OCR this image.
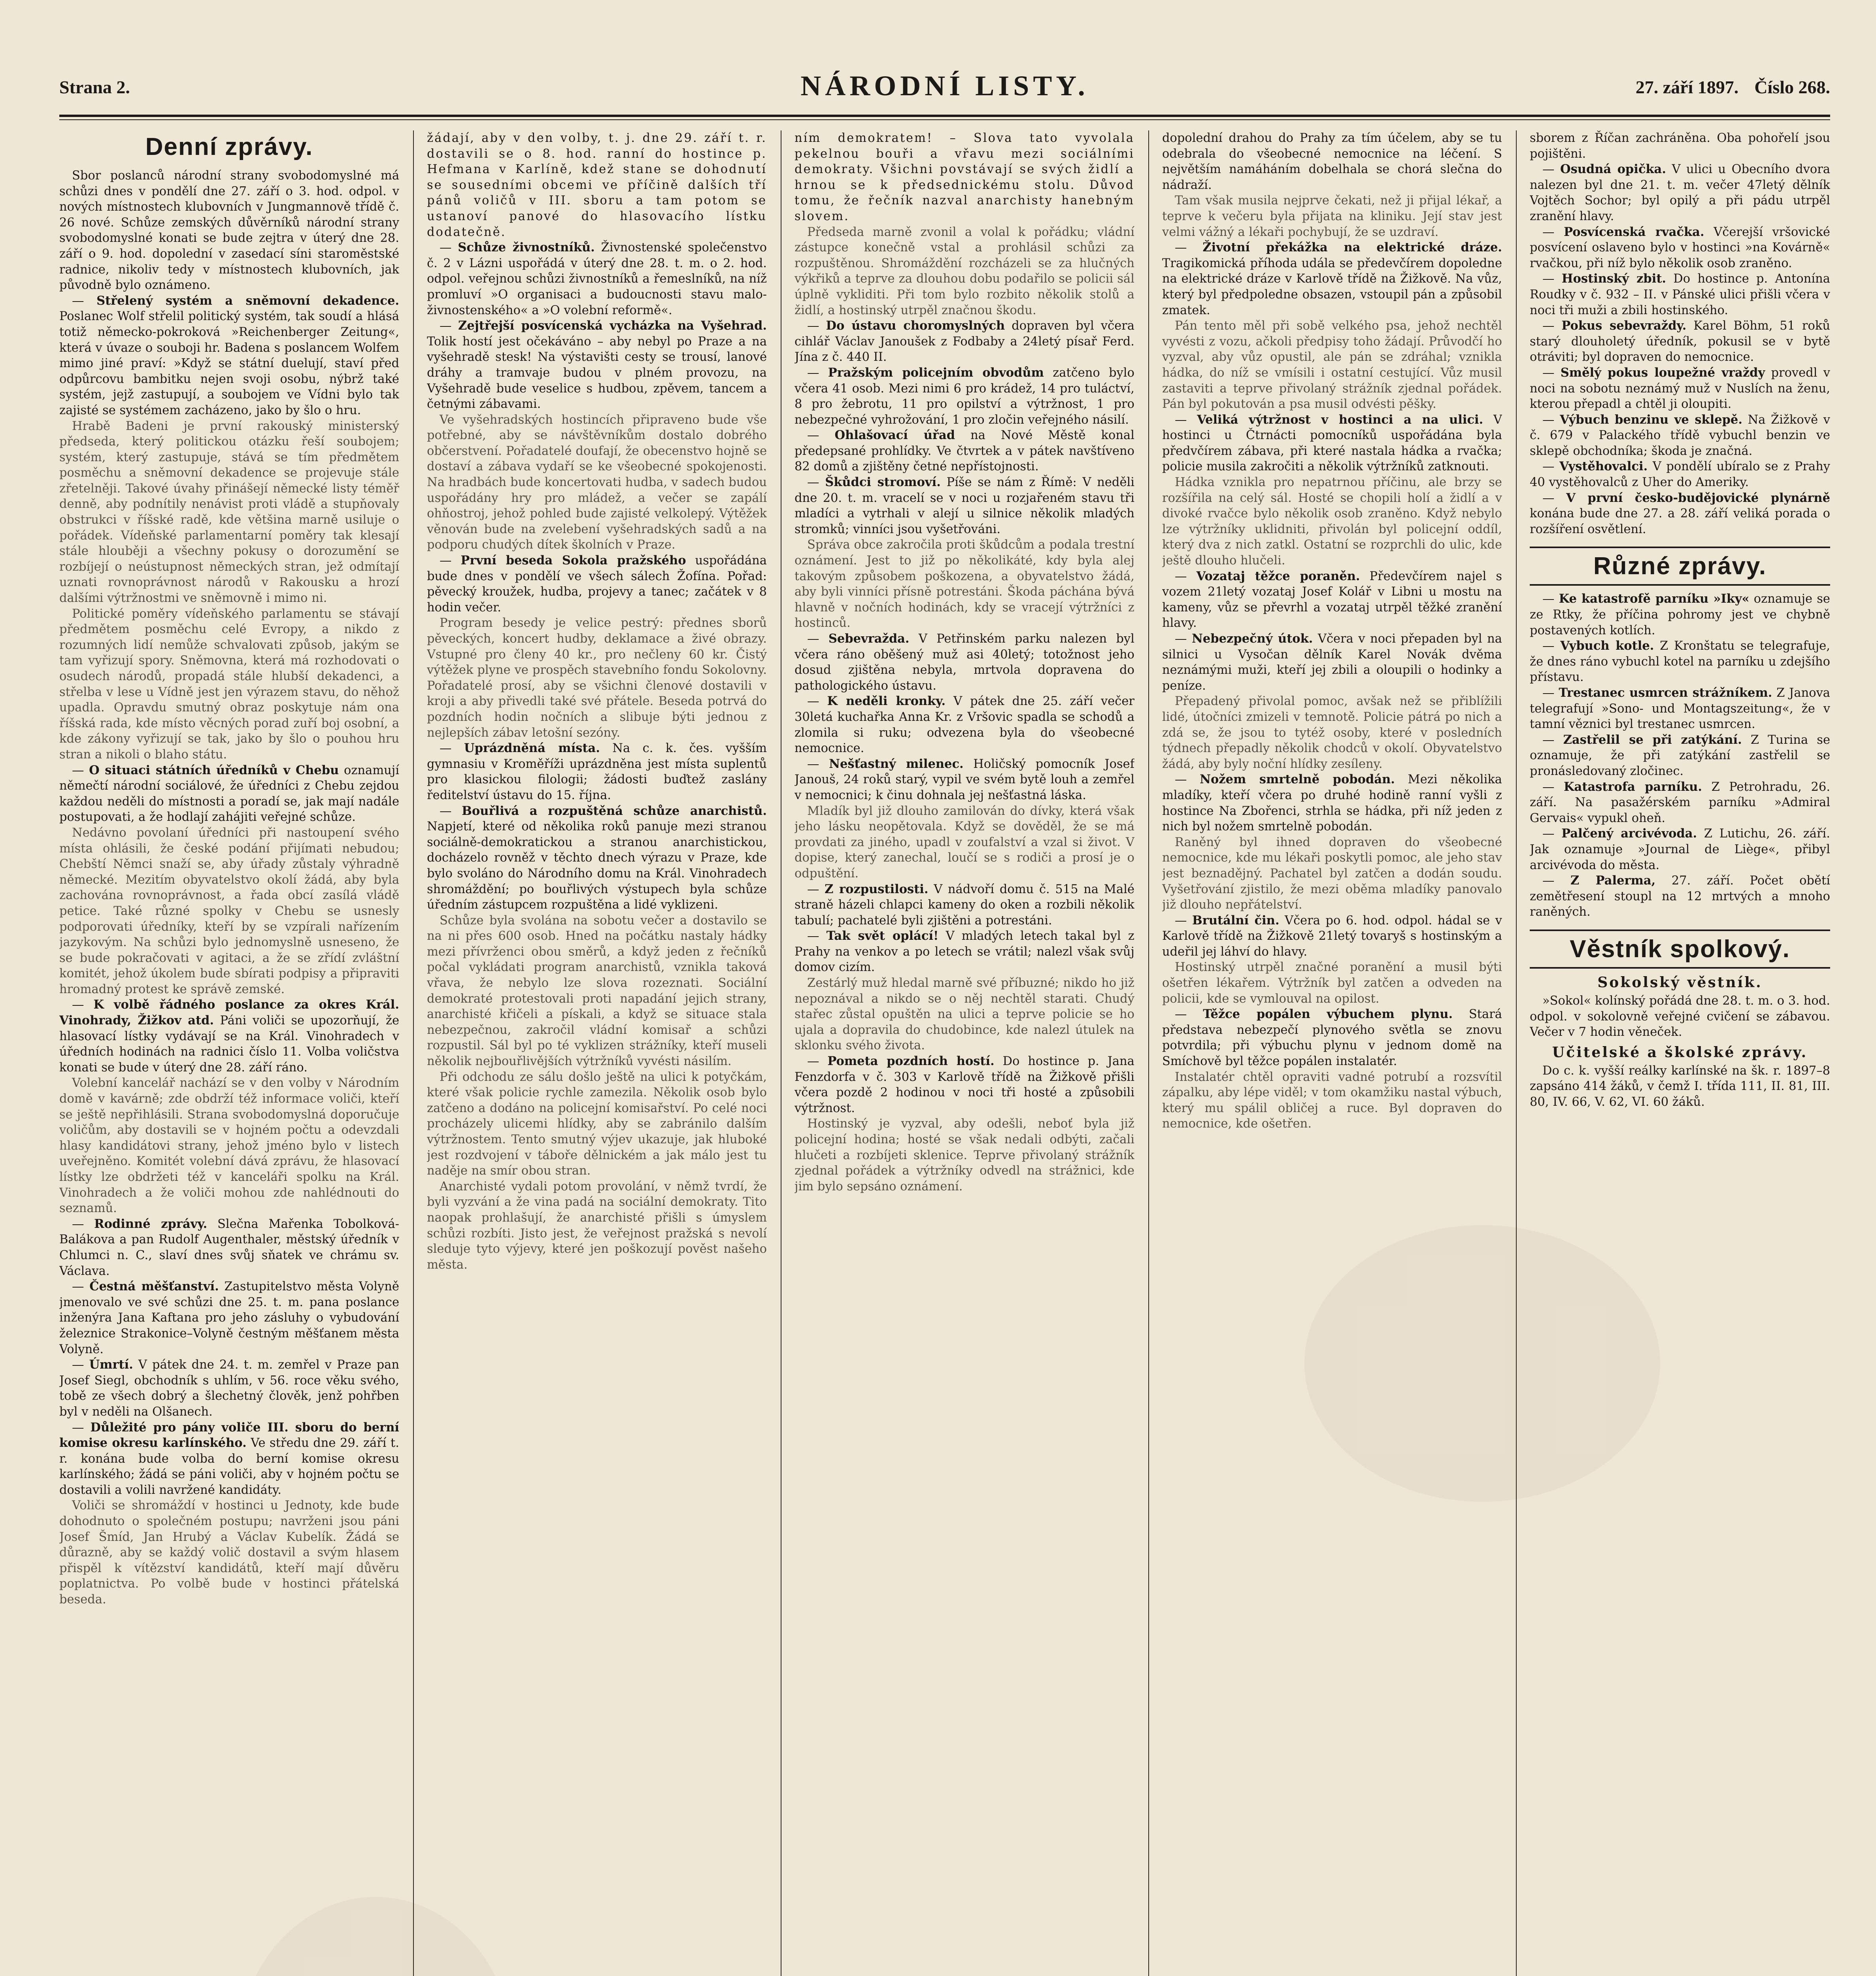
Strana 2.	NÁRODNÍ LISTY.	27. září 1897. Číslo 268.
Denní zprávy.

Sbor poslanců národní strany svobodomyslné má schůzi dnes v pondělí dne 27. září o 3. hod. odpol. v nových místnostech klubovních v Jungmannově třídě č. 26 nové. Schůze zemských důvěrníků národní strany svobodomyslné konati se bude zejtra v úterý dne 28. září o 9. hod. dopolední v zasedací síni staroměstské radnice, nikoliv tedy v místnostech klubovních, jak původně bylo oznámeno.

— Střelený systém a sněmovní dekadence. Poslanec Wolf střelil politický systém, tak soudí a hlásá totiž německo-pokroková »Reichenberger Zeitung«, která v úvaze o souboji hr. Badena s poslancem Wolfem mimo jiné praví: »Když se státní duelují, staví před odpůrcovu bambitku nejen svoji osobu, nýbrž také systém, jejž zastupují, a soubojem ve Vídni bylo tak zajisté se systémem zacházeno, jako by šlo o hru.

Hrabě Badeni je první rakouský ministerský předseda, který politickou otázku řeší soubojem; systém, který zastupuje, stává se tím předmětem posměchu a sněmovní dekadence se projevuje stále zřetelněji. Takové úvahy přinášejí německé listy téměř denně, aby podnítily nenávist proti vládě a stupňovaly obstrukci v říšské radě, kde většina marně usiluje o pořádek. Vídeňské parlamentarní poměry tak klesají stále hlouběji a všechny pokusy o dorozumění se rozbíjejí o neústupnost německých stran, jež odmítají uznati rovnoprávnost národů v Rakousku a hrozí dalšími výtržnostmi ve sněmovně i mimo ni.

Politické poměry vídeňského parlamentu se stávají předmětem posměchu celé Evropy, a nikdo z rozumných lidí nemůže schvalovati způsob, jakým se tam vyřizují spory. Sněmovna, která má rozhodovati o osudech národů, propadá stále hlubší dekadenci, a střelba v lese u Vídně jest jen výrazem stavu, do něhož upadla. Opravdu smutný obraz poskytuje nám ona říšská rada, kde místo věcných porad zuří boj osobní, a kde zákony vyřizují se tak, jako by šlo o pouhou hru stran a nikoli o blaho státu.

— O situaci státních úředníků v Chebu oznamují němečtí národní sociálové, že úředníci z Chebu zejdou každou neděli do místnosti a poradí se, jak mají nadále postupovati, a že hodlají zahájiti veřejné schůze.

Nedávno povolaní úředníci při nastoupení svého místa ohlásili, že české podání přijímati nebudou; Chebští Němci snaží se, aby úřady zůstaly výhradně německé. Mezitím obyvatelstvo okolí žádá, aby byla zachována rovnoprávnost, a řada obcí zasílá vládě petice. Také různé spolky v Chebu se usnesly podporovati úředníky, kteří by se vzpírali nařízením jazykovým. Na schůzi bylo jednomyslně usneseno, že se bude pokračovati v agitaci, a že se zřídí zvláštní komitét, jehož úkolem bude sbírati podpisy a připraviti hromadný protest ke správě zemské.

— K volbě řádného poslance za okres Král. Vinohrady, Žižkov atd. Páni voliči se upozorňují, že hlasovací lístky vydávají se na Král. Vinohradech v úředních hodinách na radnici číslo 11. Volba voličstva konati se bude v úterý dne 28. září ráno.

Volební kancelář nachází se v den volby v Národním domě v kavárně; zde obdrží též informace voliči, kteří se ještě nepřihlásili. Strana svobodomyslná doporučuje voličům, aby dostavili se v hojném počtu a odevzdali hlasy kandidátovi strany, jehož jméno bylo v listech uveřejněno. Komitét volební dává zprávu, že hlasovací lístky lze obdržeti též v kanceláři spolku na Král. Vinohradech a že voliči mohou zde nahlédnouti do seznamů.

— Rodinné zprávy. Slečna Mařenka Tobolková-Balákova a pan Rudolf Augenthaler, městský úředník v Chlumci n. C., slaví dnes svůj sňatek ve chrámu sv. Václava.

— Čestná měšťanství. Zastupitelstvo města Volyně jmenovalo ve své schůzi dne 25. t. m. pana poslance inženýra Jana Kaftana pro jeho zásluhy o vybudování železnice Strakonice–Volyně čestným měšťanem města Volyně.

— Úmrtí. V pátek dne 24. t. m. zemřel v Praze pan Josef Siegl, obchodník s uhlím, v 56. roce věku svého, tobě ze všech dobrý a šlechetný člověk, jenž pohřben byl v neděli na Olšanech.

— Důležité pro pány voliče III. sboru do berní komise okresu karlínského. Ve středu dne 29. září t. r. konána bude volba do berní komise okresu karlínského; žádá se páni voliči, aby v hojném počtu se dostavili a volili navržené kandidáty.

Voliči se shromáždí v hostinci u Jednoty, kde bude dohodnuto o společném postupu; navrženi jsou páni Josef Šmíd, Jan Hrubý a Václav Kubelík. Žádá se důrazně, aby se každý volič dostavil a svým hlasem přispěl k vítězství kandidátů, kteří mají důvěru poplatnictva. Po volbě bude v hostinci přátelská beseda.

žádají, aby v den volby, t. j. dne 29. září t. r. dostavili se o 8. hod. ranní do hostince p. Hefmana v Karlíně, kdež stane se dohodnutí se sousedními obcemi ve příčině dalších tří pánů voličů v III. sboru a tam potom se ustanoví panové do hlasovacího lístku dodatečně.

— Schůze živnostníků. Živnostenské společenstvo č. 2 v Lázni uspořádá v úterý dne 28. t. m. o 2. hod. odpol. veřejnou schůzi živnostníků a řemeslníků, na níž promluví »O organisaci a budoucnosti stavu malo-živnostenského« a »O volební reformě«.

— Zejtřejší posvícenská vycházka na Vyšehrad. Tolik hostí jest očekáváno – aby nebyl po Praze a na vyšehradě stesk! Na výstavišti cesty se trousí, lanové dráhy a tramvaje budou v plném provozu, na Vyšehradě bude veselice s hudbou, zpěvem, tancem a četnými zábavami.

Ve vyšehradských hostincích připraveno bude vše potřebné, aby se návštěvníkům dostalo dobrého občerstvení. Pořadatelé doufají, že obecenstvo hojně se dostaví a zábava vydaří se ke všeobecné spokojenosti. Na hradbách bude koncertovati hudba, v sadech budou uspořádány hry pro mládež, a večer se zapálí ohňostroj, jehož pohled bude zajisté velkolepý. Výtěžek věnován bude na zvelebení vyšehradských sadů a na podporu chudých dítek školních v Praze.

— První beseda Sokola pražského uspořádána bude dnes v pondělí ve všech sálech Žofína. Pořad: pěvecký kroužek, hudba, projevy a tanec; začátek v 8 hodin večer.

Program besedy je velice pestrý: přednes sborů pěveckých, koncert hudby, deklamace a živé obrazy. Vstupné pro členy 40 kr., pro nečleny 60 kr. Čistý výtěžek plyne ve prospěch stavebního fondu Sokolovny. Pořadatelé prosí, aby se všichni členové dostavili v kroji a aby přivedli také své přátele. Beseda potrvá do pozdních hodin nočních a slibuje býti jednou z nejlepších zábav letošní sezóny.

— Uprázdněná místa. Na c. k. čes. vyšším gymnasiu v Kroměříži uprázdněna jest místa suplentů pro klasickou filologii; žádosti buďtež zaslány ředitelství ústavu do 15. října.

— Bouřlivá a rozpuštěná schůze anarchistů. Napjetí, které od několika roků panuje mezi stranou sociálně-demokratickou a stranou anarchistickou, docházelo rovněž v těchto dnech výrazu v Praze, kde bylo svoláno do Národního domu na Král. Vinohradech shromáždění; po bouřlivých výstupech byla schůze úředním zástupcem rozpuštěna a lidé vyklizeni.

Schůze byla svolána na sobotu večer a dostavilo se na ni přes 600 osob. Hned na počátku nastaly hádky mezi přívrženci obou směrů, a když jeden z řečníků počal vykládati program anarchistů, vznikla taková vřava, že nebylo lze slova rozeznati. Sociální demokraté protestovali proti napadání jejich strany, anarchisté křičeli a pískali, a když se situace stala nebezpečnou, zakročil vládní komisař a schůzi rozpustil. Sál byl po té vyklizen strážníky, kteří museli několik nejbouřlivějších výtržníků vyvésti násilím.

Při odchodu ze sálu došlo ještě na ulici k potyčkám, které však policie rychle zamezila. Několik osob bylo zatčeno a dodáno na policejní komisařství. Po celé noci procházely ulicemi hlídky, aby se zabránilo dalším výtržnostem. Tento smutný výjev ukazuje, jak hluboké jest rozdvojení v táboře dělnickém a jak málo jest tu naděje na smír obou stran.

Anarchisté vydali potom provolání, v němž tvrdí, že byli vyzvání a že vina padá na sociální demokraty. Tito naopak prohlašují, že anarchisté přišli s úmyslem schůzi rozbíti. Jisto jest, že veřejnost pražská s nevolí sleduje tyto výjevy, které jen poškozují pověst našeho města.

ním demokratem! – Slova tato vyvolala pekelnou bouři a vřavu mezi sociálními demokraty. Všichni povstávají se svých židlí a hrnou se k předsednickému stolu. Důvod tomu, že řečník nazval anarchisty hanebným slovem.

Předseda marně zvonil a volal k pořádku; vládní zástupce konečně vstal a prohlásil schůzi za rozpuštěnou. Shromáždění rozcházeli se za hlučných výkřiků a teprve za dlouhou dobu podařilo se policii sál úplně vykliditi. Při tom bylo rozbito několik stolů a židlí, a hostinský utrpěl značnou škodu.

— Do ústavu choromyslných dopraven byl včera cihlář Václav Janoušek z Fodbaby a 24letý písař Ferd. Jína z č. 440 II.

— Pražským policejním obvodům zatčeno bylo včera 41 osob. Mezi nimi 6 pro krádež, 14 pro tuláctví, 8 pro žebrotu, 11 pro opilství a výtržnost, 1 pro nebezpečné vyhrožování, 1 pro zločin veřejného násilí.

— Ohlašovací úřad na Nové Městě konal předepsané prohlídky. Ve čtvrtek a v pátek navštíveno 82 domů a zjištěny četné nepřístojnosti.

— Škůdci stromoví. Píše se nám z Římě: V neděli dne 20. t. m. vracelí se v noci u rozjařeném stavu tři mladíci a vytrhali v alejí u silnice několik mladých stromků; vinníci jsou vyšetřováni.

Správa obce zakročila proti škůdcům a podala trestní oznámení. Jest to již po několikáté, kdy byla alej takovým způsobem poškozena, a obyvatelstvo žádá, aby byli vinníci přísně potrestáni. Škoda páchána bývá hlavně v nočních hodinách, kdy se vracejí výtržníci z hostinců.

— Sebevražda. V Petřinském parku nalezen byl včera ráno oběšený muž asi 40letý; totožnost jeho dosud zjištěna nebyla, mrtvola dopravena do pathologického ústavu.

— K neděli kronky. V pátek dne 25. září večer 30letá kuchařka Anna Kr. z Vršovic spadla se schodů a zlomila si ruku; odvezena byla do všeobecné nemocnice.

— Nešťastný milenec. Holičský pomocník Josef Janouš, 24 roků starý, vypil ve svém bytě louh a zemřel v nemocnici; k činu dohnala jej nešťastná láska.

Mladík byl již dlouho zamilován do dívky, která však jeho lásku neopětovala. Když se dověděl, že se má provdati za jiného, upadl v zoufalství a vzal si život. V dopise, který zanechal, loučí se s rodiči a prosí je o odpuštění.

— Z rozpustilosti. V nádvoří domu č. 515 na Malé straně házeli chlapci kameny do oken a rozbili několik tabulí; pachatelé byli zjištěni a potrestáni.

— Tak svět oplácí! V mladých letech takal byl z Prahy na venkov a po letech se vrátil; nalezl však svůj domov cizím.

Zestárlý muž hledal marně své příbuzné; nikdo ho již nepoznával a nikdo se o něj nechtěl starati. Chudý stařec zůstal opuštěn na ulici a teprve policie se ho ujala a dopravila do chudobince, kde nalezl útulek na sklonku svého života.

— Pometa pozdních hostí. Do hostince p. Jana Fenzdorfa v č. 303 v Karlově třídě na Žižkově přišli včera pozdě 2 hodinou v noci tři hosté a způsobili výtržnost.

Hostinský je vyzval, aby odešli, neboť byla již policejní hodina; hosté se však nedali odbýti, začali hlučeti a rozbíjeti sklenice. Teprve přivolaný strážník zjednal pořádek a výtržníky odvedl na strážnici, kde jim bylo sepsáno oznámení.

dopolední drahou do Prahy za tím účelem, aby se tu odebrala do všeobecné nemocnice na léčení. S největším namáháním dobelhala se chorá slečna do nádraží.

Tam však musila nejprve čekati, než ji přijal lékař, a teprve k večeru byla přijata na kliniku. Její stav jest velmi vážný a lékaři pochybují, že se uzdraví.

— Životní překážka na elektrické dráze. Tragikomická příhoda udála se předevčírem dopoledne na elektrické dráze v Karlově třídě na Žižkově. Na vůz, který byl předpoledne obsazen, vstoupil pán a způsobil zmatek.

Pán tento měl při sobě velkého psa, jehož nechtěl vyvésti z vozu, ačkoli předpisy toho žádají. Průvodčí ho vyzval, aby vůz opustil, ale pán se zdráhal; vznikla hádka, do níž se vmísili i ostatní cestující. Vůz musil zastaviti a teprve přivolaný strážník zjednal pořádek. Pán byl pokutován a psa musil odvésti pěšky.

— Veliká výtržnost v hostinci a na ulici. V hostinci u Čtrnácti pomocníků uspořádána byla předvčírem zábava, při které nastala hádka a rvačka; policie musila zakročiti a několik výtržníků zatknouti.

Hádka vznikla pro nepatrnou příčinu, ale brzy se rozšířila na celý sál. Hosté se chopili holí a židlí a v divoké rvačce bylo několik osob zraněno. Když nebylo lze výtržníky uklidniti, přivolán byl policejní oddíl, který dva z nich zatkl. Ostatní se rozprchli do ulic, kde ještě dlouho hlučeli.

— Vozataj těžce poraněn. Předevčírem najel s vozem 21letý vozataj Josef Kolář v Libni u mostu na kameny, vůz se převrhl a vozataj utrpěl těžké zranění hlavy.

— Nebezpečný útok. Včera v noci přepaden byl na silnici u Vysočan dělník Karel Novák dvěma neznámými muži, kteří jej zbili a oloupili o hodinky a peníze.

Přepadený přivolal pomoc, avšak než se přiblížili lidé, útočníci zmizeli v temnotě. Policie pátrá po nich a zdá se, že jsou to tytéž osoby, které v posledních týdnech přepadly několik chodců v okolí. Obyvatelstvo žádá, aby byly noční hlídky zesíleny.

— Nožem smrtelně pobodán. Mezi několika mladíky, kteří včera po druhé hodině ranní vyšli z hostince Na Zbořenci, strhla se hádka, při níž jeden z nich byl nožem smrtelně pobodán.

Raněný byl ihned dopraven do všeobecné nemocnice, kde mu lékaři poskytli pomoc, ale jeho stav jest beznadějný. Pachatel byl zatčen a dodán soudu. Vyšetřování zjistilo, že mezi oběma mladíky panovalo již dlouho nepřátelství.

— Brutální čin. Včera po 6. hod. odpol. hádal se v Karlově třídě na Žižkově 21letý tovaryš s hostinským a udeřil jej láhví do hlavy.

Hostinský utrpěl značné poranění a musil býti ošetřen lékařem. Výtržník byl zatčen a odveden na policii, kde se vymlouval na opilost.

— Těžce popálen výbuchem plynu. Stará představa nebezpečí plynového světla se znovu potvrdila; při výbuchu plynu v jednom domě na Smíchově byl těžce popálen instalatér.

Instalatér chtěl opraviti vadné potrubí a rozsvítil zápalku, aby lépe viděl; v tom okamžiku nastal výbuch, který mu spálil obličej a ruce. Byl dopraven do nemocnice, kde ošetřen.

sborem z Říčan zachráněna. Oba pohořelí jsou pojištěni.

— Osudná opička. V ulici u Obecního dvora nalezen byl dne 21. t. m. večer 47letý dělník Vojtěch Sochor; byl opilý a při pádu utrpěl zranění hlavy.

— Posvícenská rvačka. Včerejší vršovické posvícení oslaveno bylo v hostinci »na Kovárně« rvačkou, při níž bylo několik osob zraněno.

— Hostinský zbit. Do hostince p. Antonína Roudky v č. 932 – II. v Pánské ulici přišli včera v noci tři muži a zbili hostinského.

— Pokus sebevraždy. Karel Böhm, 51 roků starý dlouholetý úředník, pokusil se v bytě otráviti; byl dopraven do nemocnice.

— Smělý pokus loupežné vraždy provedl v noci na sobotu neznámý muž v Nuslích na ženu, kterou přepadl a chtěl ji oloupiti.

— Výbuch benzinu ve sklepě. Na Žižkově v č. 679 v Palackého třídě vybuchl benzin ve sklepě obchodníka; škoda je značná.

— Vystěhovalci. V pondělí ubíralo se z Prahy 40 vystěhovalců z Uher do Ameriky.

— V první česko-budějovické plynárně konána bude dne 27. a 28. září veliká porada o rozšíření osvětlení.

Různé zprávy.

— Ke katastrofě parníku »Iky« oznamuje se ze Rtky, že příčina pohromy jest ve chybně postavených kotlích.

— Vybuch kotle. Z Kronštatu se telegrafuje, že dnes ráno vybuchl kotel na parníku u zdejšího přístavu.

— Trestanec usmrcen strážníkem. Z Janova telegrafují »Sono- und Montagszeitung«, že v tamní věznici byl trestanec usmrcen.

— Zastřelil se při zatýkání. Z Turina se oznamuje, že při zatýkání zastřelil se pronásledovaný zločinec.

— Katastrofa parníku. Z Petrohradu, 26. září. Na pasažérském parníku »Admiral Gervais« vypukl oheň.

— Palčený arcivévoda. Z Lutichu, 26. září. Jak oznamuje »Journal de Liège«, přibyl arcivévoda do města.

— Z Palerma, 27. září. Počet obětí zemětřesení stoupl na 12 mrtvých a mnoho raněných.

Věstník spolkový.
Sokolský věstník.

»Sokol« kolínský pořádá dne 28. t. m. o 3. hod. odpol. v sokolovně veřejné cvičení se zábavou. Večer v 7 hodin věneček.

Učitelské a školské zprávy.

Do c. k. vyšší reálky karlínské na šk. r. 1897–8 zapsáno 414 žáků, v čemž I. třída 111, II. 81, III. 80, IV. 66, V. 62, VI. 60 žáků.
